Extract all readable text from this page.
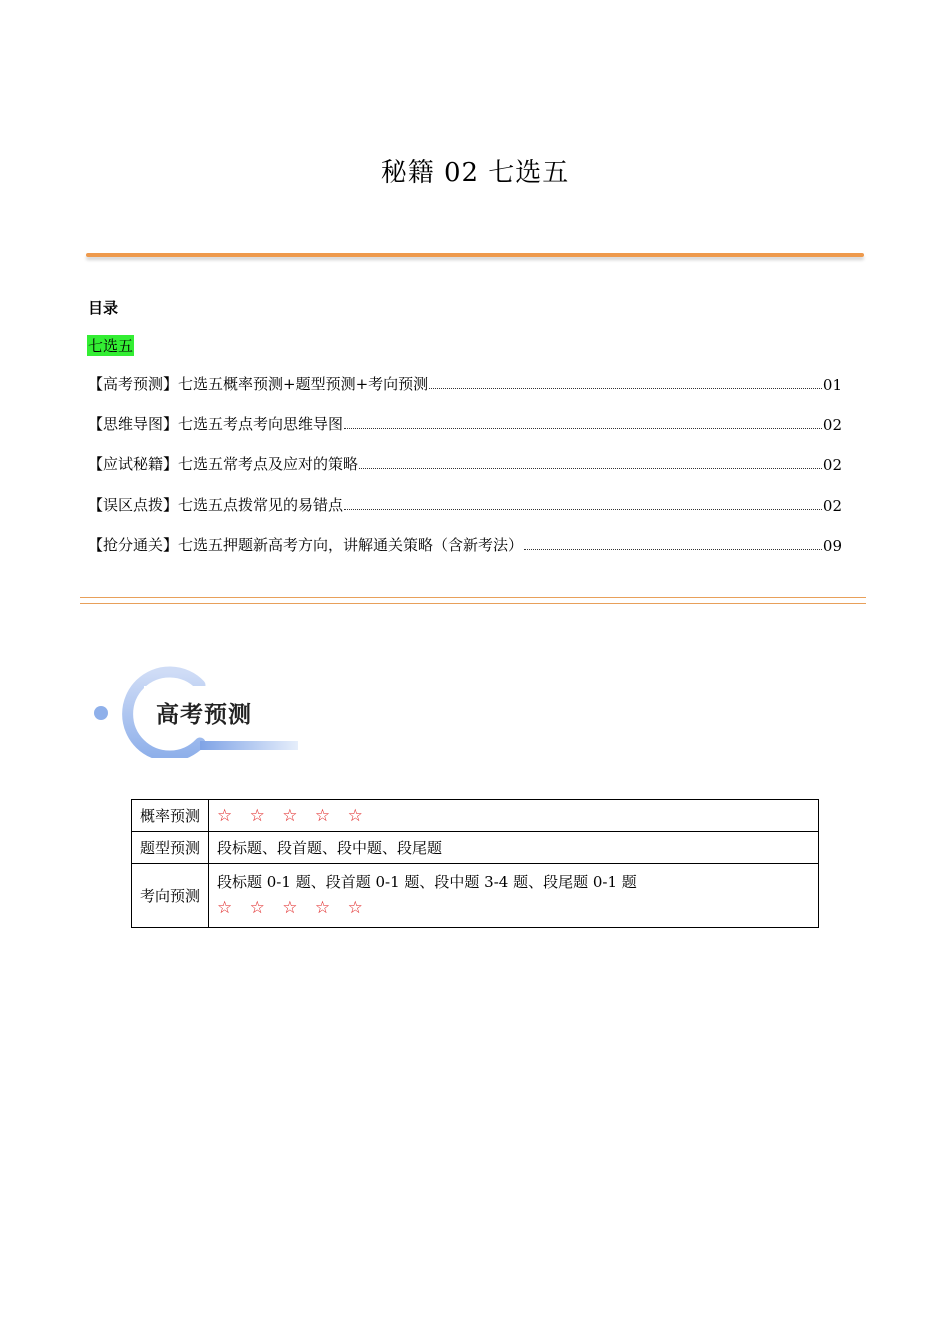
秘籍 02 七选五
目录
七选五
【高考预测】七选五概率预测+题型预测+考向预测	01
【思维导图】七选五考点考向思维导图	02
【应试秘籍】七选五常考点及应对的策略	02
【误区点拨】七选五点拨常见的易错点	02
【抢分通关】七选五押题新高考方向，讲解通关策略（含新考法）	09
高考预测
概率预测	☆ ☆ ☆ ☆ ☆
题型预测	段标题、段首题、段中题、段尾题
考向预测	段标题 0-1 题、段首题 0-1 题、段中题 3-4 题、段尾题 0-1 题
☆ ☆ ☆ ☆ ☆
